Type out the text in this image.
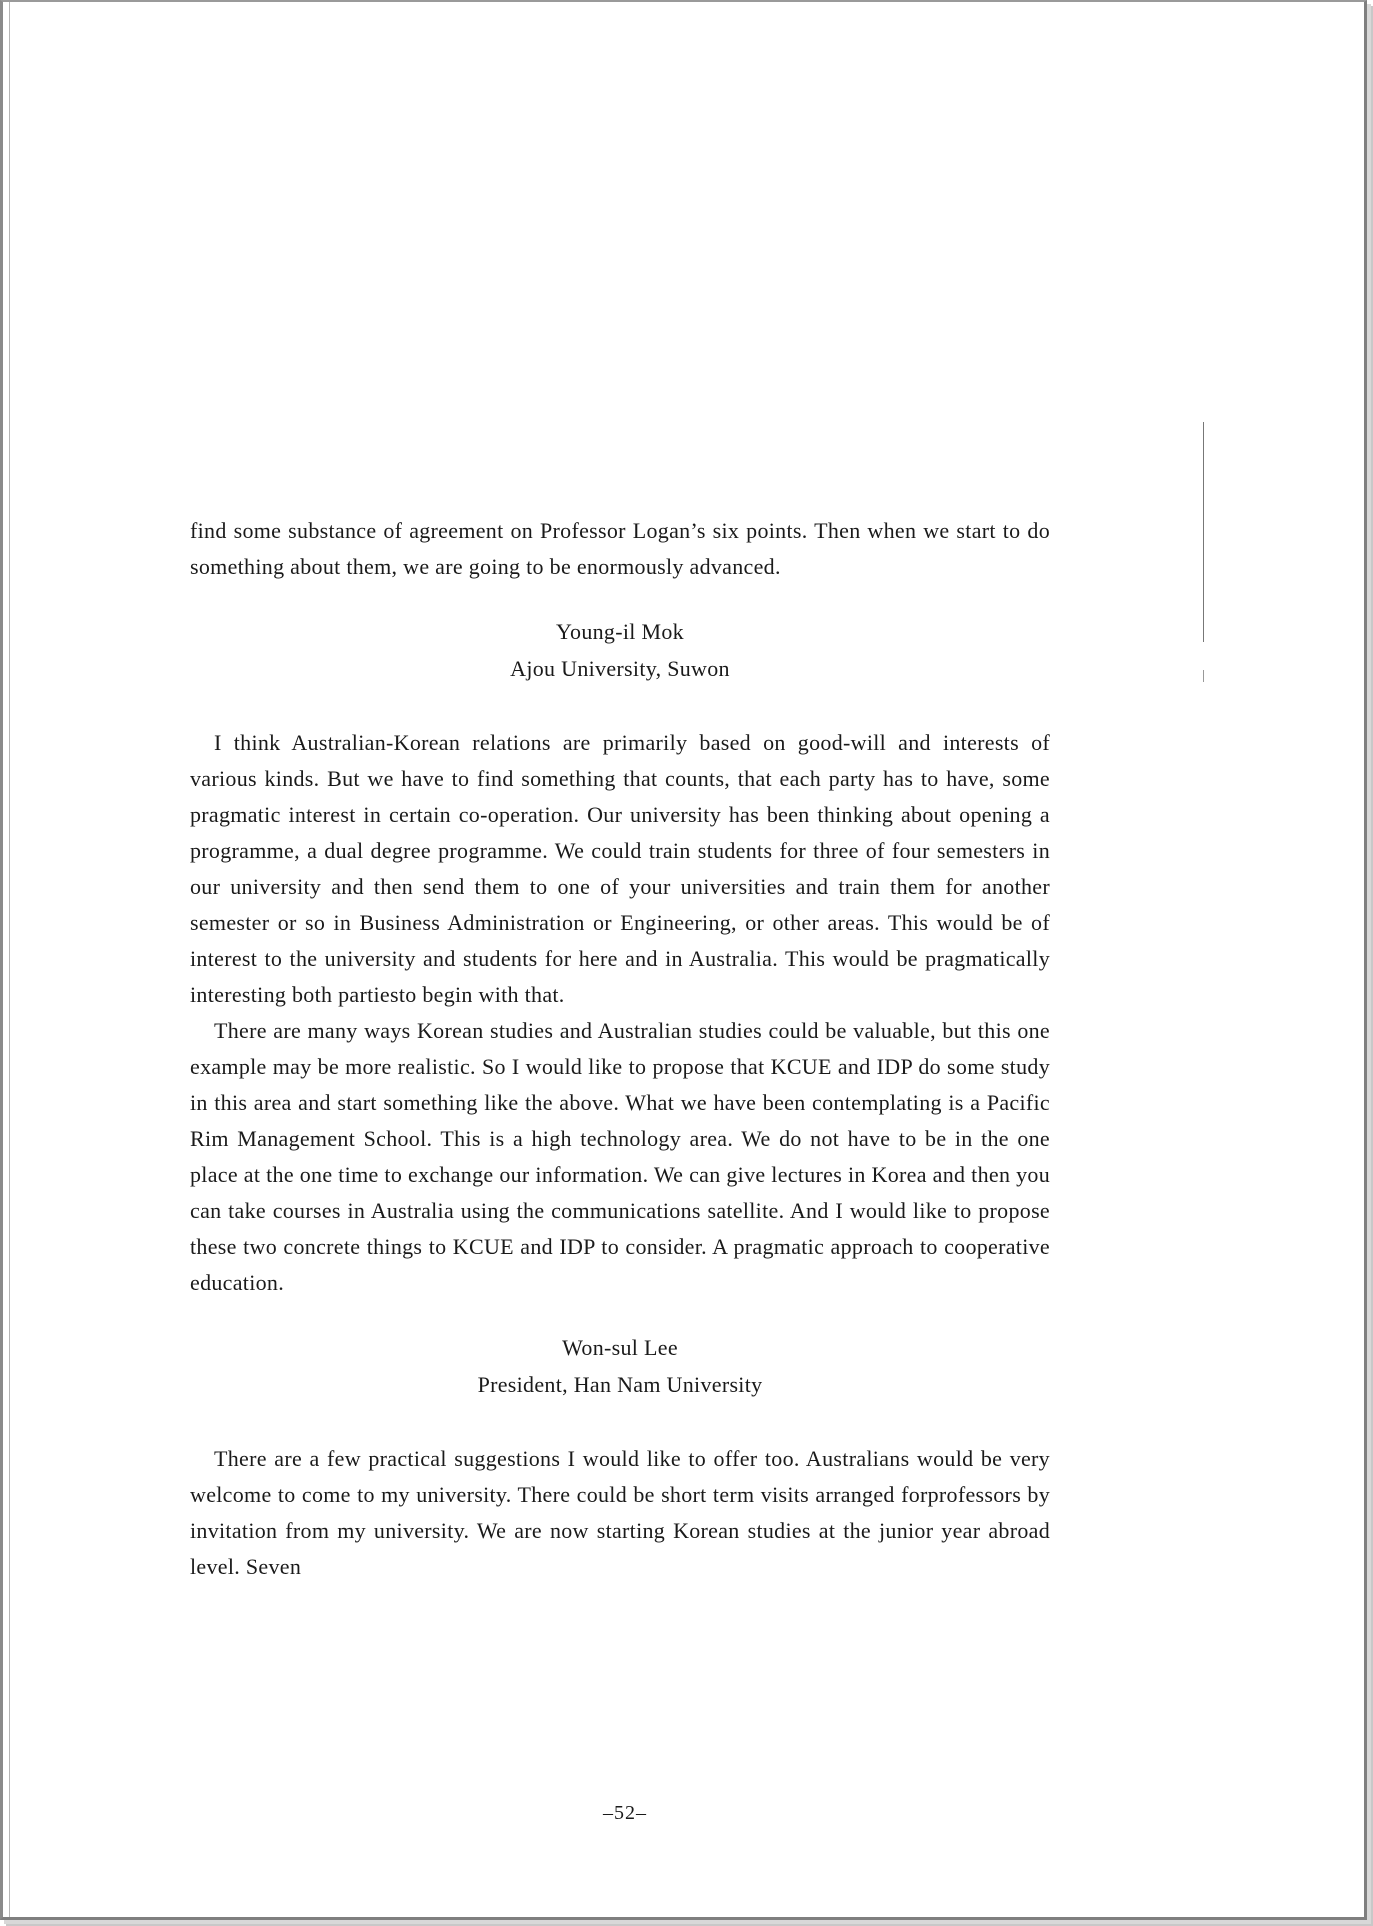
find some substance of agreement on Professor Logan’s six points. Then when we start to do something about them, we are going to be enormously advanced.

Young-il Mok
Ajou University, Suwon

I think Australian-Korean relations are primarily based on good-will and interests of various kinds. But we have to find something that counts, that each party has to have, some pragmatic interest in certain co-operation. Our university has been thinking about opening a programme, a dual degree programme. We could train students for three of four semesters in our university and then send them to one of your universities and train them for another semester or so in Business Administration or Engineering, or other areas. This would be of interest to the university and students for here and in Australia. This would be pragmatically interesting both partiesto begin with that.

There are many ways Korean studies and Australian studies could be valuable, but this one example may be more realistic. So I would like to propose that KCUE and IDP do some study in this area and start something like the above. What we have been contemplating is a Pacific Rim Management School. This is a high technology area. We do not have to be in the one place at the one time to exchange our information. We can give lectures in Korea and then you can take courses in Australia using the communications satellite. And I would like to propose these two concrete things to KCUE and IDP to consider. A pragmatic approach to cooperative education.

Won-sul Lee
President, Han Nam University

There are a few practical suggestions I would like to offer too. Australians would be very welcome to come to my university. There could be short term visits arranged forprofessors by invitation from my university. We are now starting Korean studies at the junior year abroad level. Seven

–52–
